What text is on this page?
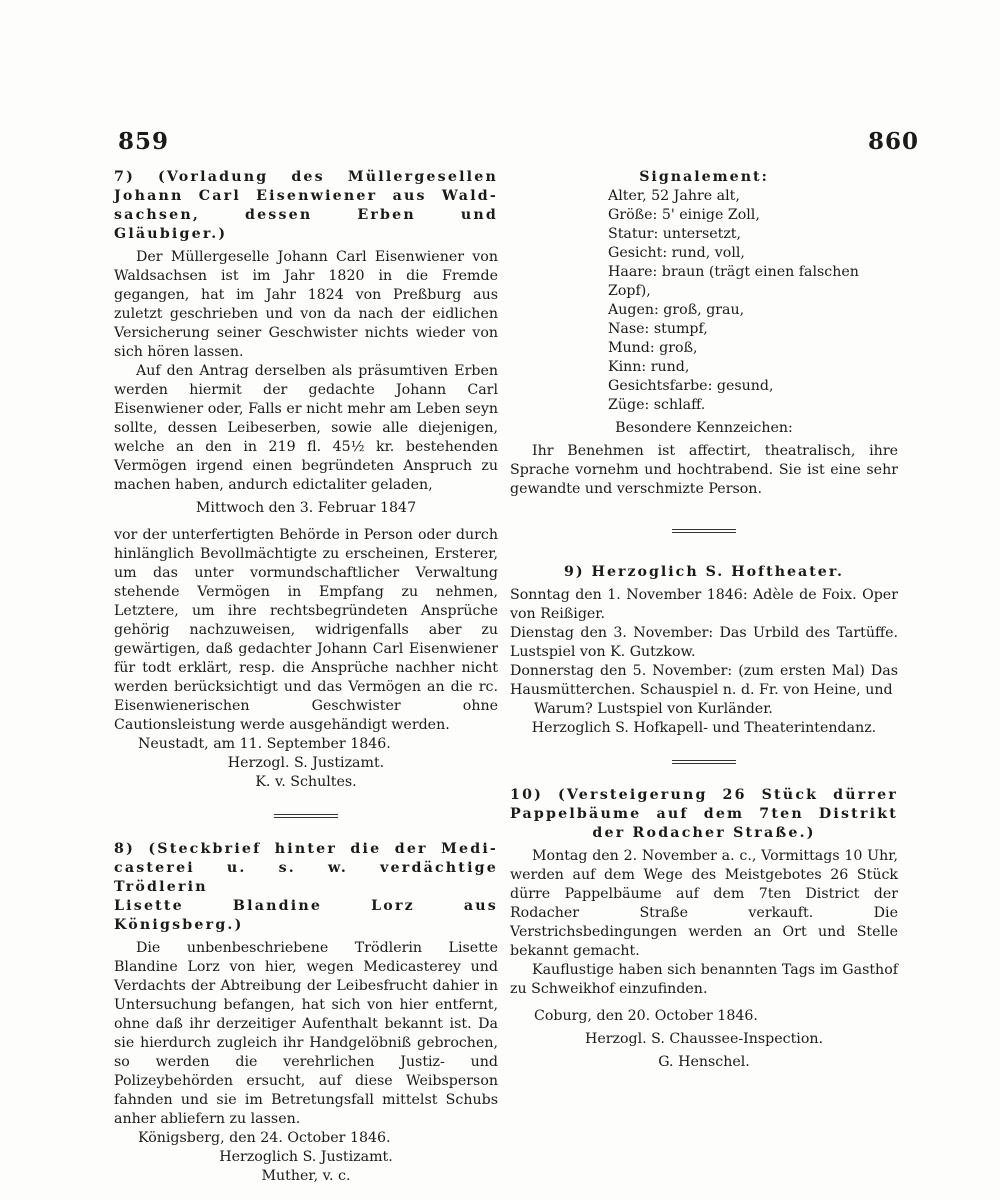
859	860
7) (Vorladung des Müllergesellen
Johann Carl Eisenwiener aus Wald-
sachsen, dessen Erben und Gläubiger.)

Der Müllergeselle Johann Carl Eisenwiener von Waldsachsen ist im Jahr 1820 in die Fremde gegangen, hat im Jahr 1824 von Preßburg aus zuletzt geschrieben und von da nach der eidlichen Versicherung seiner Geschwister nichts wieder von sich hören lassen.

Auf den Antrag derselben als präsumtiven Erben werden hiermit der gedachte Johann Carl Eisenwiener oder, Falls er nicht mehr am Leben seyn sollte, dessen Leibeserben, sowie alle diejenigen, welche an den in 219 fl. 45½ kr. bestehenden Vermögen irgend einen begründeten Anspruch zu machen haben, andurch edictaliter geladen,

Mittwoch den 3. Februar 1847

vor der unterfertigten Behörde in Person oder durch hinlänglich Bevollmächtigte zu erscheinen, Ersterer, um das unter vormundschaftlicher Verwaltung stehende Vermögen in Empfang zu nehmen, Letztere, um ihre rechtsbegründeten Ansprüche gehörig nachzuweisen, widrigenfalls aber zu gewärtigen, daß gedachter Johann Carl Eisenwiener für todt erklärt, resp. die Ansprüche nachher nicht werden berücksichtigt und das Vermögen an die rc. Eisenwienerischen Geschwister ohne Cautionsleistung werde ausgehändigt werden.

Neustadt, am 11. September 1846.

Herzogl. S. Justizamt.

K. v. Schultes.

8) (Steckbrief hinter die der Medi-
casterei u. s. w. verdächtige Trödlerin
Lisette Blandine Lorz aus Königsberg.)

Die unbenbeschriebene Trödlerin Lisette Blandine Lorz von hier, wegen Medicasterey und Verdachts der Abtreibung der Leibesfrucht dahier in Untersuchung befangen, hat sich von hier entfernt, ohne daß ihr derzeitiger Aufenthalt bekannt ist. Da sie hierdurch zugleich ihr Handgelöbniß gebrochen, so werden die verehrlichen Justiz- und Polizeybehörden ersucht, auf diese Weibsperson fahnden und sie im Betretungsfall mittelst Schubs anher abliefern zu lassen.

Königsberg, den 24. October 1846.

Herzoglich S. Justizamt.

Muther, v. c.

Signalement:

Alter, 52 Jahre alt,
Größe: 5' einige Zoll,
Statur: untersetzt,
Gesicht: rund, voll,
Haare: braun (trägt einen falschen Zopf),
Augen: groß, grau,
Nase: stumpf,
Mund: groß,
Kinn: rund,
Gesichtsfarbe: gesund,
Züge: schlaff.

Besondere Kennzeichen:

Ihr Benehmen ist affectirt, theatralisch, ihre Sprache vornehm und hochtrabend. Sie ist eine sehr gewandte und verschmizte Person.

9) Herzoglich S. Hoftheater.

Sonntag den 1. November 1846: Adèle de Foix. Oper von Reißiger.

Dienstag den 3. November: Das Urbild des Tartüffe. Lustspiel von K. Gutzkow.

Donnerstag den 5. November: (zum ersten Mal) Das Hausmütterchen. Schauspiel n. d. Fr. von Heine, und

Warum? Lustspiel von Kurländer.

Herzoglich S. Hofkapell- und Theaterintendanz.

10) (Versteigerung 26 Stück dürrer Pappelbäume auf dem 7ten Distrikt
der Rodacher Straße.)

Montag den 2. November a. c., Vormittags 10 Uhr, werden auf dem Wege des Meistgebotes 26 Stück dürre Pappelbäume auf dem 7ten District der Rodacher Straße verkauft. Die Verstrichsbedingungen werden an Ort und Stelle bekannt gemacht.

Kauflustige haben sich benannten Tags im Gasthof zu Schweikhof einzufinden.

Coburg, den 20. October 1846.

Herzogl. S. Chaussee-Inspection.

G. Henschel.
